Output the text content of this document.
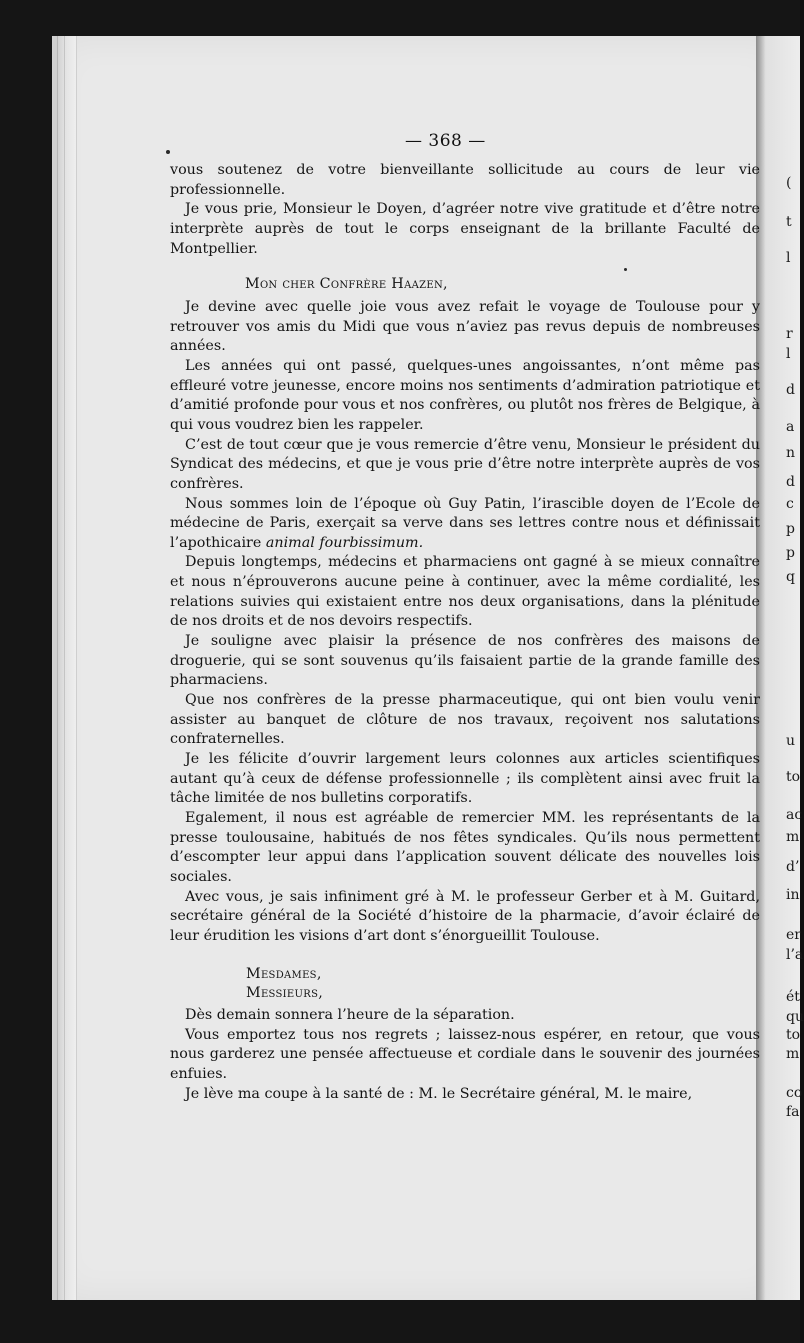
(
t
l
r
l
d
a
n
d
c
p
p
q
u
to
ac
m
d’
in
er
l’a
ét
qu
to
m
co
fa
— 368 —

vous soutenez de votre bienveillante sollicitude au cours de leur vie professionnelle.

Je vous prie, Monsieur le Doyen, d’agréer notre vive gratitude et d’être notre interprète auprès de tout le corps enseignant de la brillante Faculté de Montpellier.

Mon cher Confrère Haazen,

Je devine avec quelle joie vous avez refait le voyage de Toulouse pour y retrouver vos amis du Midi que vous n’aviez pas revus depuis de nombreuses années.

Les années qui ont passé, quelques-unes angoissantes, n’ont même pas effleuré votre jeunesse, encore moins nos sentiments d’admiration patriotique et d’amitié profonde pour vous et nos confrères, ou plutôt nos frères de Belgique, à qui vous voudrez bien les rappeler.

C’est de tout cœur que je vous remercie d’être venu, Monsieur le président du Syndicat des médecins, et que je vous prie d’être notre interprète auprès de vos confrères.

Nous sommes loin de l’époque où Guy Patin, l’irascible doyen de l’Ecole de médecine de Paris, exerçait sa verve dans ses lettres contre nous et définissait l’apothicaire animal fourbissimum.

Depuis longtemps, médecins et pharmaciens ont gagné à se mieux connaître et nous n’éprouverons aucune peine à continuer, avec la même cordialité, les relations suivies qui existaient entre nos deux organisations, dans la plénitude de nos droits et de nos devoirs respectifs.

Je souligne avec plaisir la présence de nos confrères des maisons de droguerie, qui se sont souvenus qu’ils faisaient partie de la grande famille des pharmaciens.

Que nos confrères de la presse pharmaceutique, qui ont bien voulu venir assister au banquet de clôture de nos travaux, reçoivent nos salutations confraternelles.

Je les félicite d’ouvrir largement leurs colonnes aux articles scientifiques autant qu’à ceux de défense professionnelle ; ils complètent ainsi avec fruit la tâche limitée de nos bulletins corporatifs.

Egalement, il nous est agréable de remercier MM. les représentants de la presse toulousaine, habitués de nos fêtes syndicales. Qu’ils nous permettent d’escompter leur appui dans l’application souvent délicate des nouvelles lois sociales.

Avec vous, je sais infiniment gré à M. le professeur Gerber et à M. Guitard, secrétaire général de la Société d’histoire de la pharmacie, d’avoir éclairé de leur érudition les visions d’art dont s’énorgueillit Toulouse.

Mesdames,
Messieurs,

Dès demain sonnera l’heure de la séparation.

Vous emportez tous nos regrets ; laissez-nous espérer, en retour, que vous nous garderez une pensée affectueuse et cordiale dans le souvenir des journées enfuies.

Je lève ma coupe à la santé de : M. le Secrétaire général, M. le maire,
